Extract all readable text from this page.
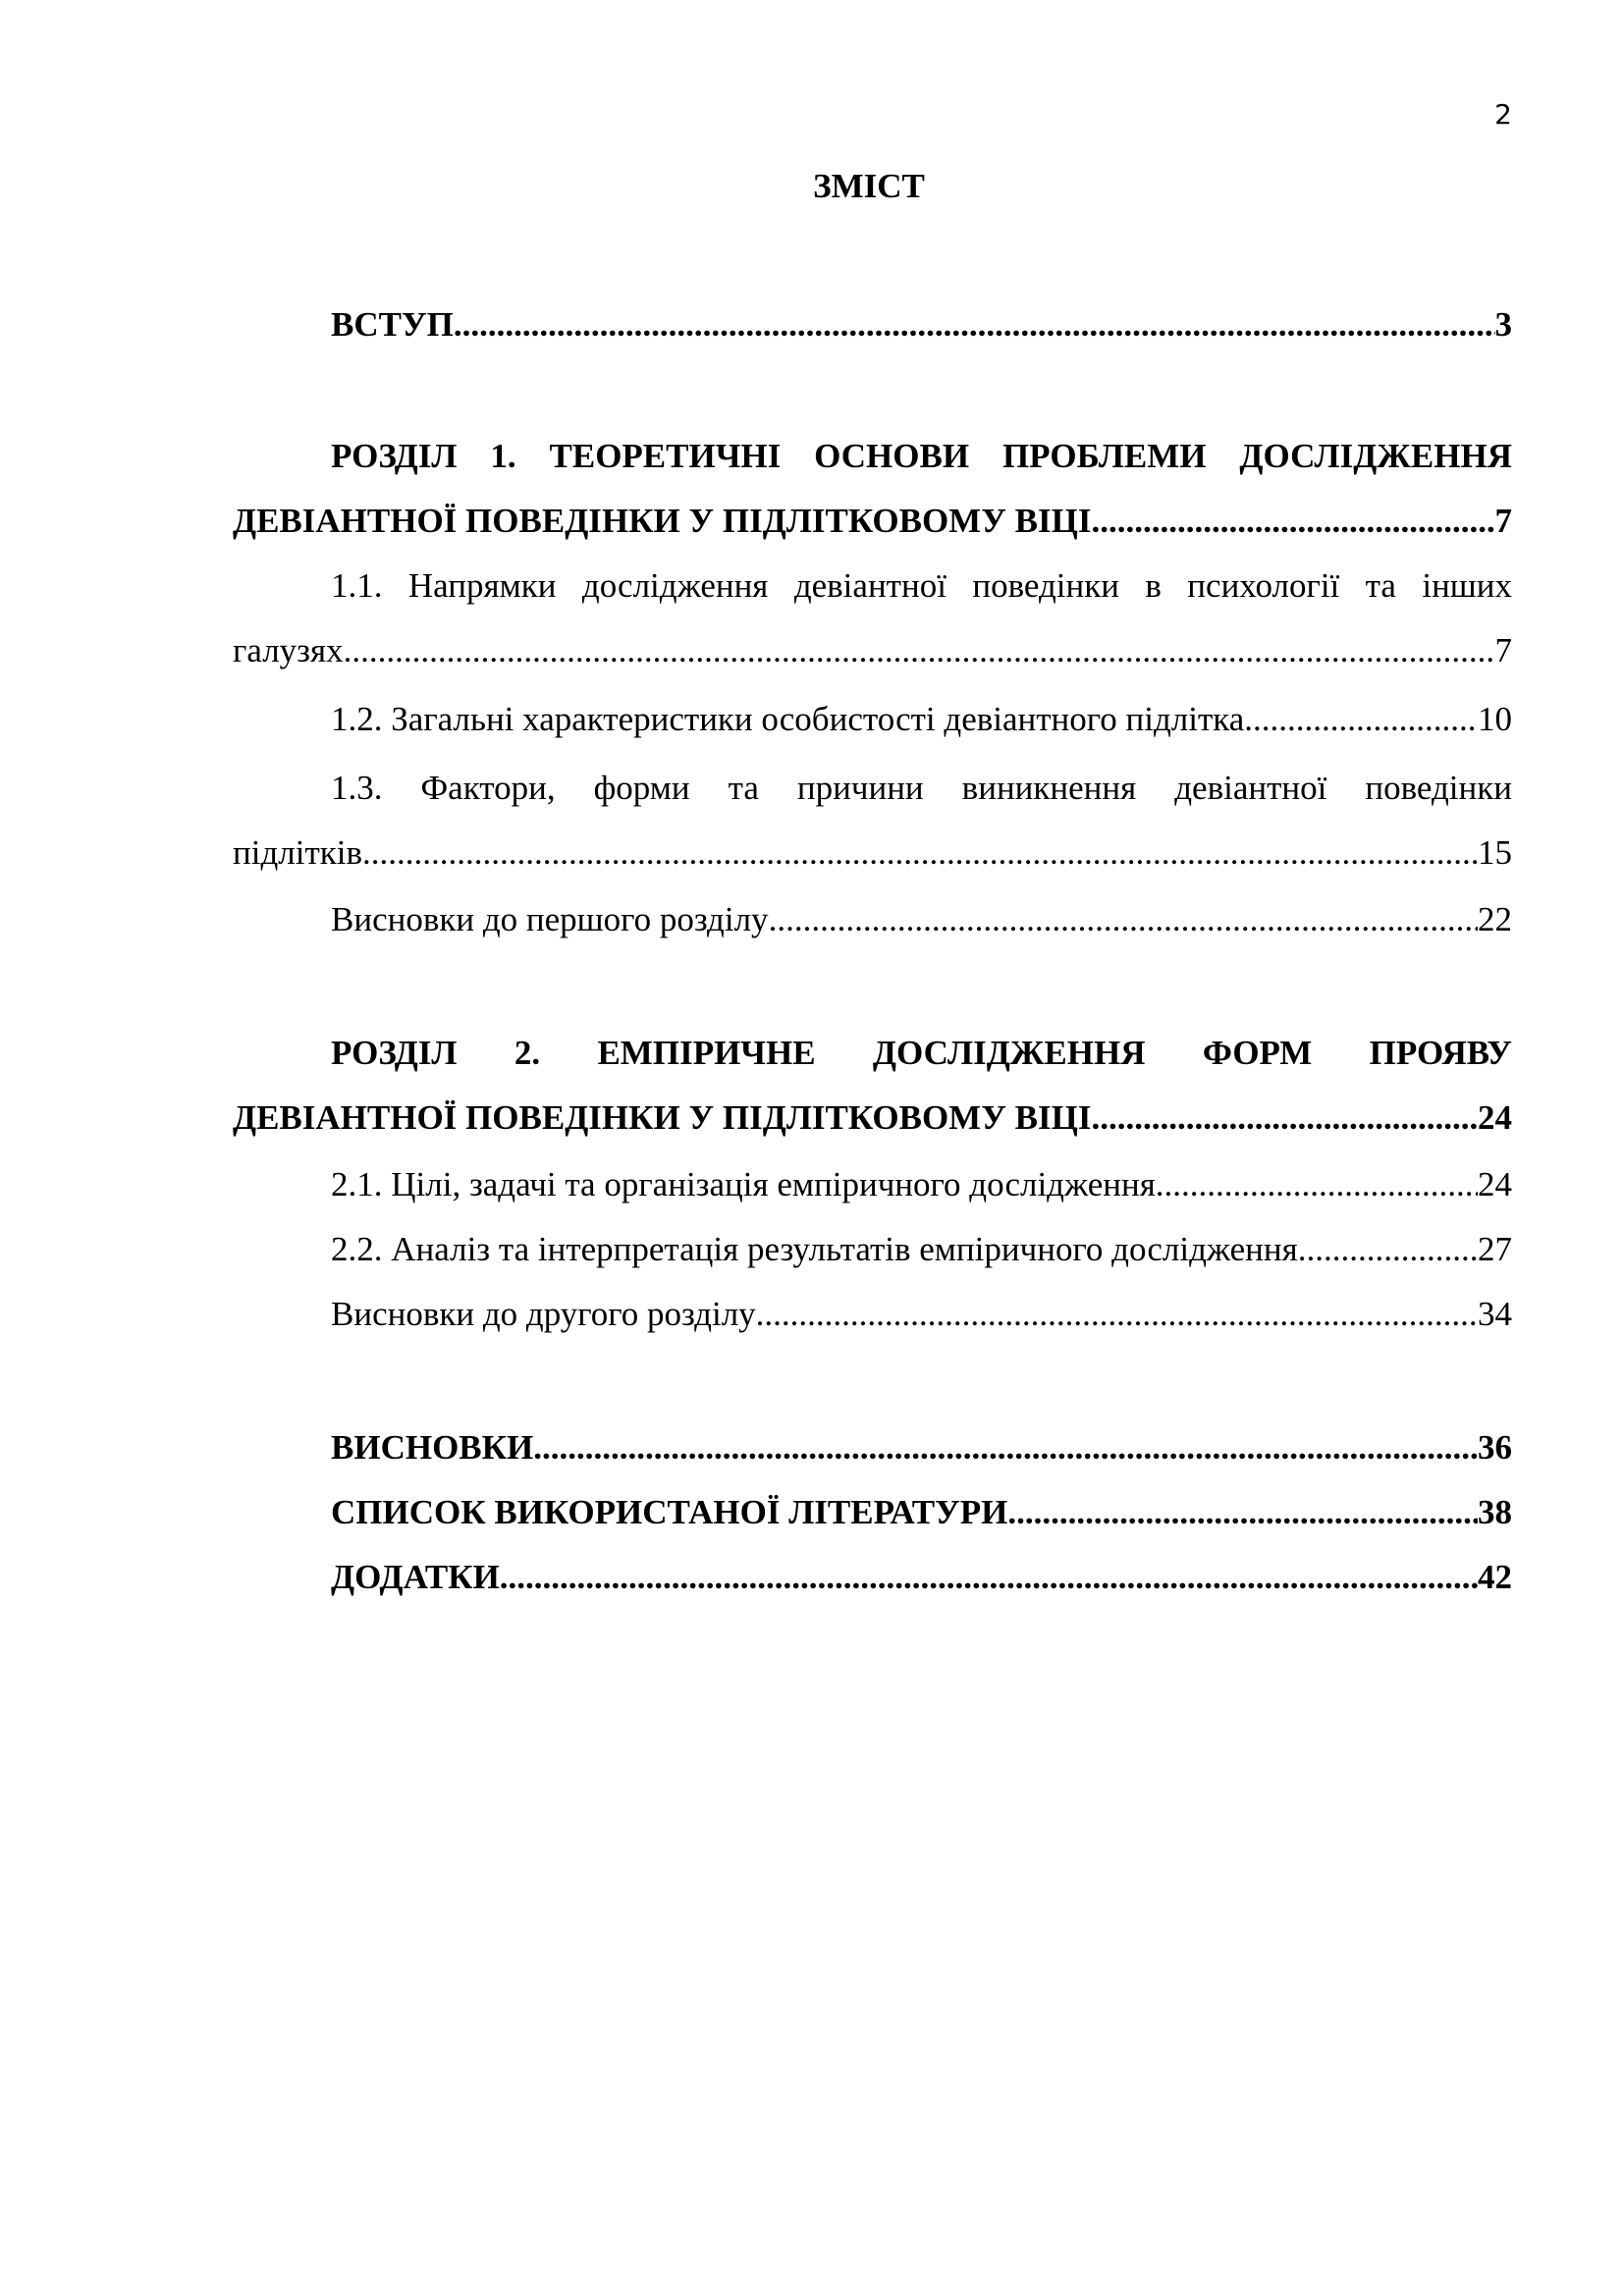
2
ЗМІСТ
ВСТУП .....	3
РОЗДІЛ 1. ТЕОРЕТИЧНІ ОСНОВИ ПРОБЛЕМИ ДОСЛІДЖЕННЯ
ДЕВІАНТНОЇ ПОВЕДІНКИ У ПІДЛІТКОВОМУ ВІЦІ .....	7
1.1. Напрямки дослідження девіантної поведінки в психології та інших
галузях .....	7
1.2. Загальні характеристики особистості девіантного підлітка .....	10
1.3. Фактори, форми та причини виникнення девіантної поведінки
підлітків .....	15
Висновки до першого розділу .....	22
РОЗДІЛ 2. ЕМПІРИЧНЕ ДОСЛІДЖЕННЯ ФОРМ ПРОЯВУ
ДЕВІАНТНОЇ ПОВЕДІНКИ У ПІДЛІТКОВОМУ ВІЦІ .....	24
2.1. Цілі, задачі та організація емпіричного дослідження .....	24
2.2. Аналіз та інтерпретація результатів емпіричного дослідження .....	27
Висновки до другого розділу .....	34
ВИСНОВКИ .....	36
СПИСОК ВИКОРИСТАНОЇ ЛІТЕРАТУРИ .....	38
ДОДАТКИ .....	42
